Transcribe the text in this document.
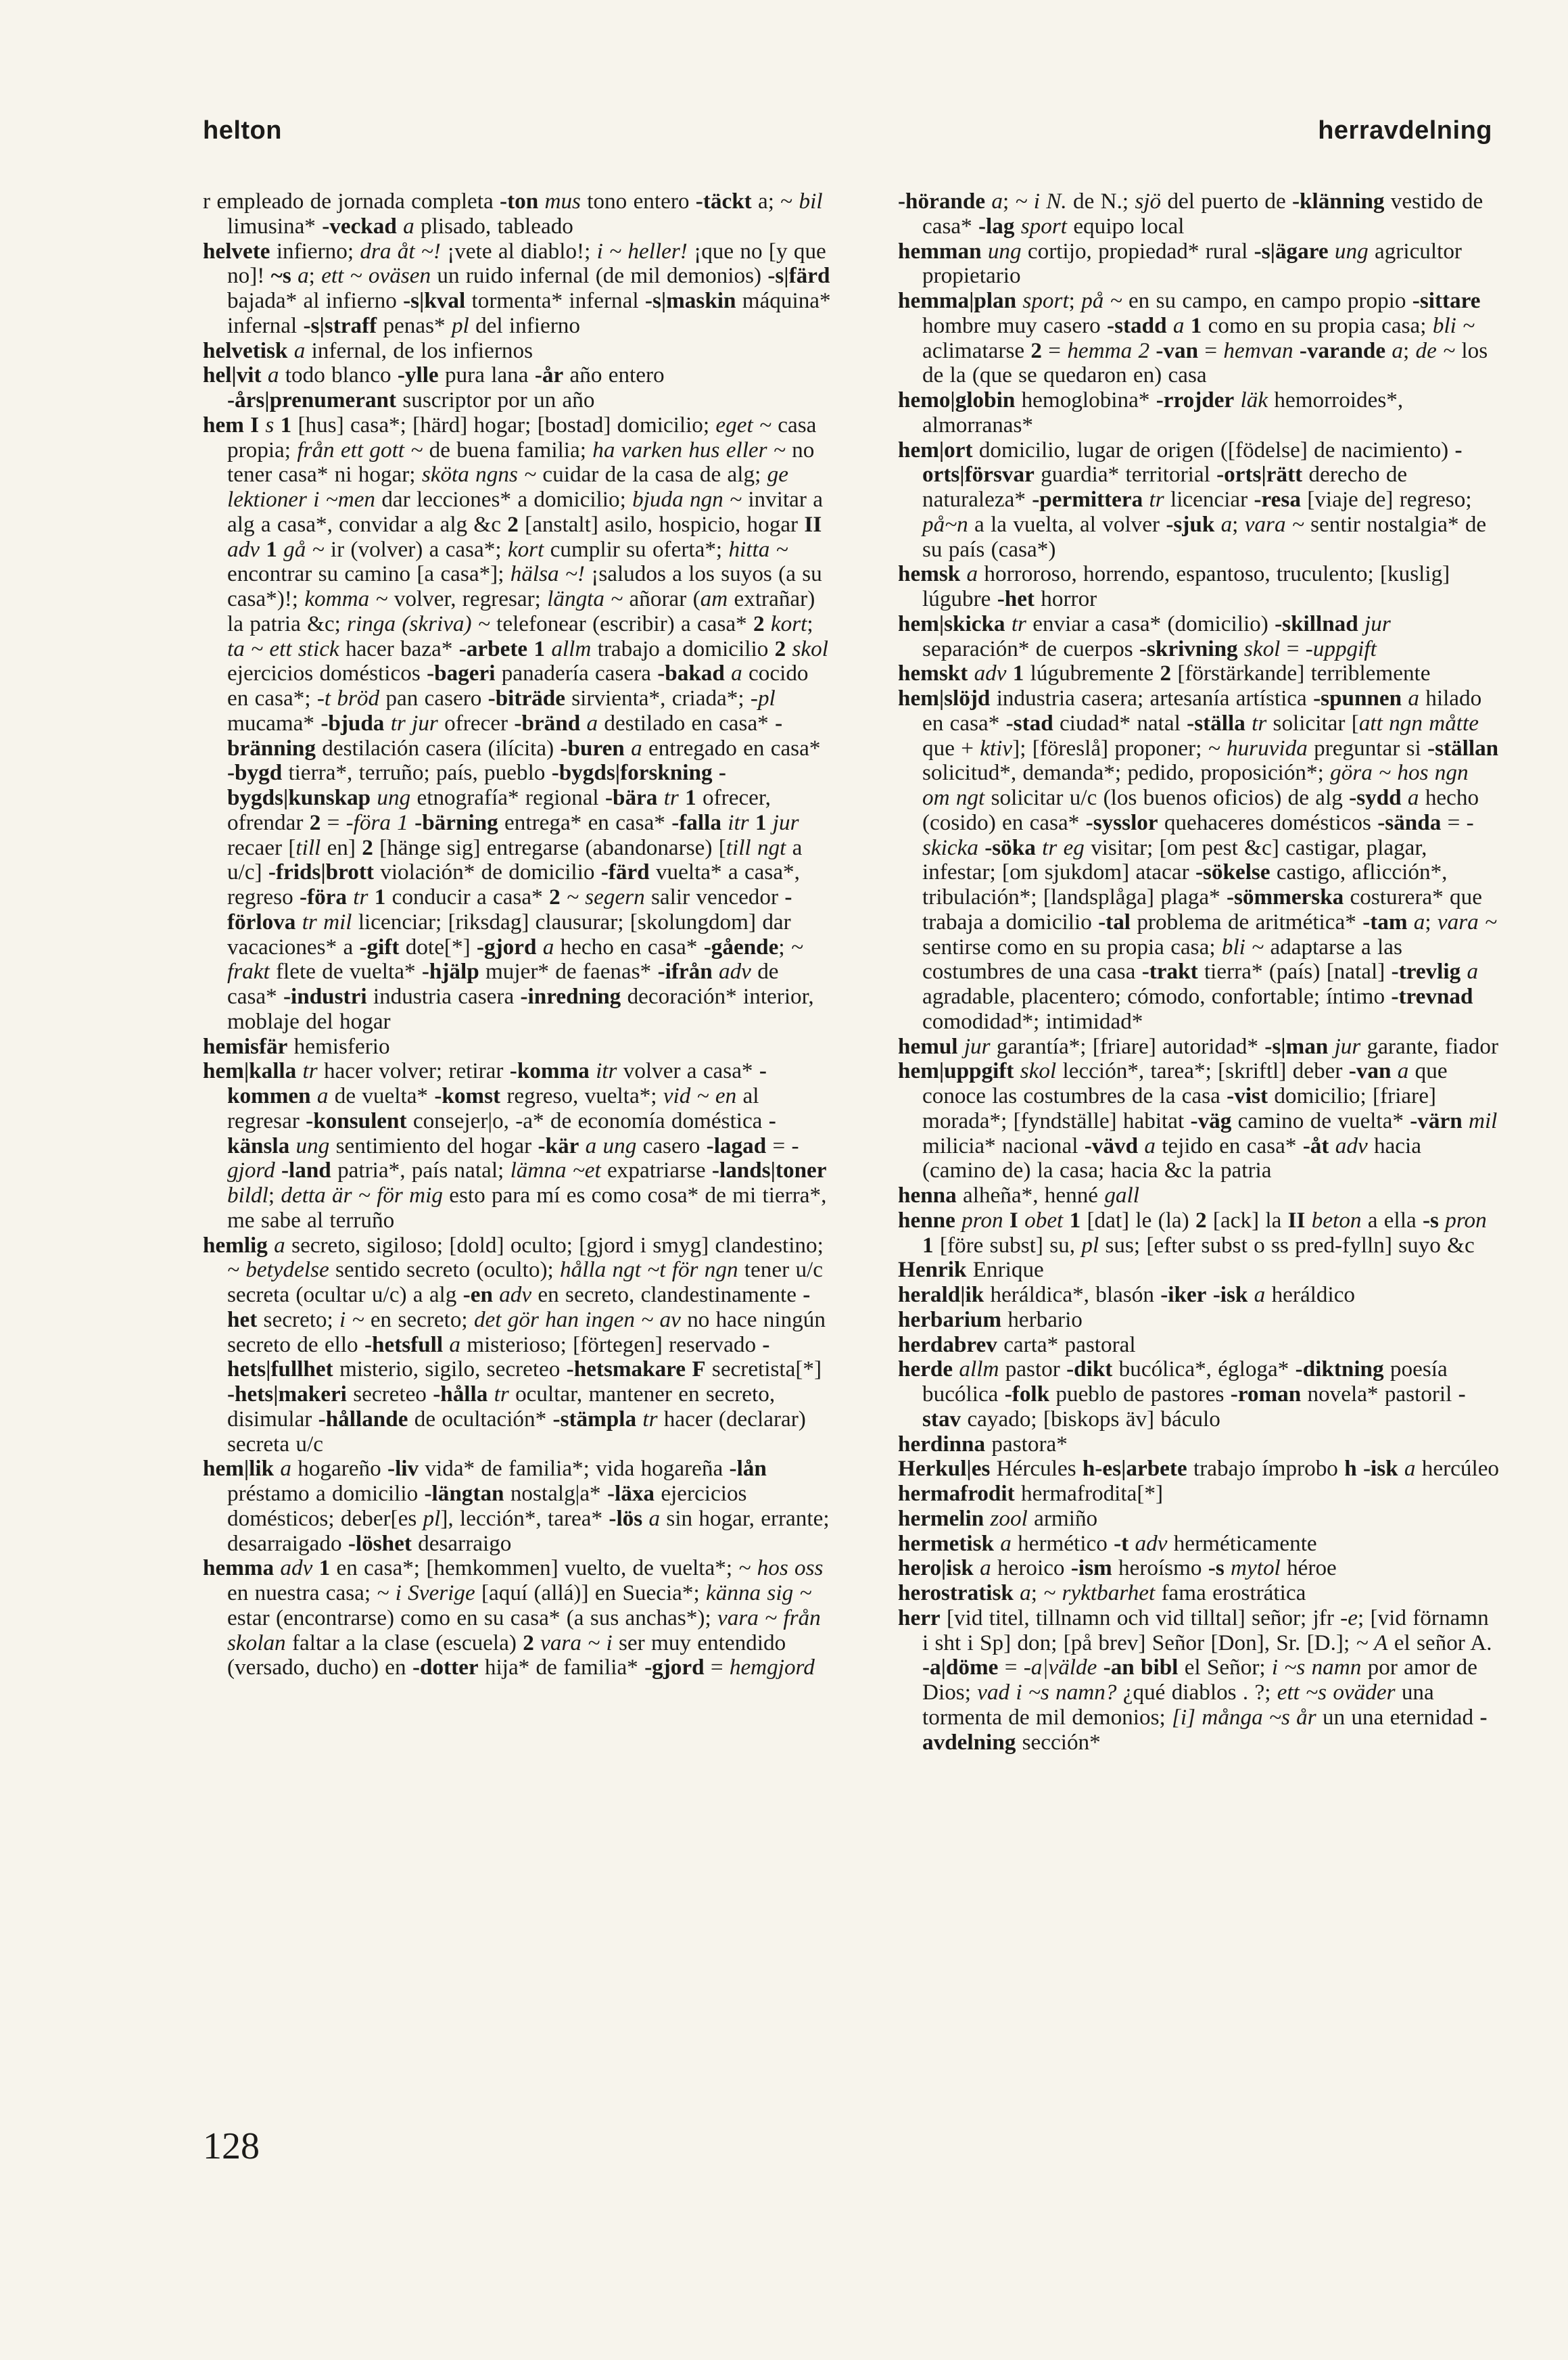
helton	herravdelning

r empleado de jornada completa -ton mus tono entero -täckt a; ~ bil limusina* -veckad a plisado, tableado

helvete infierno; dra åt ~! ¡vete al diablo!; i ~ heller! ¡que no [y que no]! ~s a; ett ~ oväsen un ruido infernal (de mil demonios) -s|färd bajada* al infierno -s|kval tormenta* infernal -s|maskin máquina* infernal -s|straff penas* pl del infierno

helvetisk a infernal, de los infiernos

hel|vit a todo blanco -ylle pura lana -år año entero -års|prenumerant suscriptor por un año

hem I s 1 [hus] casa*; [härd] hogar; [bostad] domicilio; eget ~ casa propia; från ett gott ~ de buena familia; ha varken hus eller ~ no tener casa* ni hogar; sköta ngns ~ cuidar de la casa de alg; ge lektioner i ~men dar lecciones* a domicilio; bjuda ngn ~ invitar a alg a casa*, convidar a alg &c 2 [anstalt] asilo, hospicio, hogar II adv 1 gå ~ ir (volver) a casa*; kort cumplir su oferta*; hitta ~ encontrar su camino [a casa*]; hälsa ~! ¡saludos a los suyos (a su casa*)!; komma ~ volver, regresar; längta ~ añorar (am extrañar) la patria &c; ringa (skriva) ~ telefonear (escribir) a casa* 2 kort; ta ~ ett stick hacer baza* -arbete 1 allm trabajo a domicilio 2 skol ejercicios domésticos -bageri panadería casera -bakad a cocido en casa*; -t bröd pan casero -biträde sirvienta*, criada*; -pl mucama* -bjuda tr jur ofrecer -bränd a destilado en casa* -bränning destilación casera (ilícita) -buren a entregado en casa* -bygd tierra*, terruño; país, pueblo -bygds|forskning -bygds|kunskap ung etnografía* regional -bära tr 1 ofrecer, ofrendar 2 = -föra 1 -bärning entrega* en casa* -falla itr 1 jur recaer [till en] 2 [hänge sig] entregarse (abandonarse) [till ngt a u/c] -frids|brott violación* de domicilio -färd vuelta* a casa*, regreso -föra tr 1 conducir a casa* 2 ~ segern salir vencedor -förlova tr mil licenciar; [riksdag] clausurar; [skolungdom] dar vacaciones* a -gift dote[*] -gjord a hecho en casa* -gående; ~ frakt flete de vuelta* -hjälp mujer* de faenas* -ifrån adv de casa* -industri industria casera -inredning decoración* interior, moblaje del hogar

hemisfär hemisferio

hem|kalla tr hacer volver; retirar -komma itr volver a casa* -kommen a de vuelta* -komst regreso, vuelta*; vid ~ en al regresar -konsulent consejer|o, -a* de economía doméstica -känsla ung sentimiento del hogar -kär a ung casero -lagad = -gjord -land patria*, país natal; lämna ~et expatriarse -lands|toner bildl; detta är ~ för mig esto para mí es como cosa* de mi tierra*, me sabe al terruño

hemlig a secreto, sigiloso; [dold] oculto; [gjord i smyg] clandestino; ~ betydelse sentido secreto (oculto); hålla ngt ~t för ngn tener u/c secreta (ocultar u/c) a alg -en adv en secreto, clandestinamente -het secreto; i ~ en secreto; det gör han ingen ~ av no hace ningún secreto de ello -hetsfull a misterioso; [förtegen] reservado -hets|fullhet misterio, sigilo, secreteo -hetsmakare F secretista[*] -hets|makeri secreteo -hålla tr ocultar, mantener en secreto, disimular -hållande de ocultación* -stämpla tr hacer (declarar) secreta u/c

hem|lik a hogareño -liv vida* de familia*; vida hogareña -lån préstamo a domicilio -längtan nostalg|a* -läxa ejercicios domésticos; deber[es pl], lección*, tarea* -lös a sin hogar, errante; desarraigado -löshet desarraigo

hemma adv 1 en casa*; [hemkommen] vuelto, de vuelta*; ~ hos oss en nuestra casa; ~ i Sverige [aquí (allá)] en Suecia*; känna sig ~ estar (encontrarse) como en su casa* (a sus anchas*); vara ~ från skolan faltar a la clase (escuela) 2 vara ~ i ser muy entendido (versado, ducho) en -dotter hija* de familia* -gjord = hemgjord

-hörande a; ~ i N. de N.; sjö del puerto de -klänning vestido de casa* -lag sport equipo local

hemman ung cortijo, propiedad* rural -s|ägare ung agricultor propietario

hemma|plan sport; på ~ en su campo, en campo propio -sittare hombre muy casero -stadd a 1 como en su propia casa; bli ~ aclimatarse 2 = hemma 2 -van = hemvan -varande a; de ~ los de la (que se quedaron en) casa

hemo|globin hemoglobina* -rrojder läk hemorroides*, almorranas*

hem|ort domicilio, lugar de origen ([födelse] de nacimiento) -orts|försvar guardia* territorial -orts|rätt derecho de naturaleza* -permittera tr licenciar -resa [viaje de] regreso; på~n a la vuelta, al volver -sjuk a; vara ~ sentir nostalgia* de su país (casa*)

hemsk a horroroso, horrendo, espantoso, truculento; [kuslig] lúgubre -het horror

hem|skicka tr enviar a casa* (domicilio) -skillnad jur separación* de cuerpos -skrivning skol = -uppgift

hemskt adv 1 lúgubremente 2 [förstärkande] terriblemente

hem|slöjd industria casera; artesanía artística -spunnen a hilado en casa* -stad ciudad* natal -ställa tr solicitar [att ngn måtte que + ktiv]; [föreslå] proponer; ~ huruvida preguntar si -ställan solicitud*, demanda*; pedido, proposición*; göra ~ hos ngn om ngt solicitar u/c (los buenos oficios) de alg -sydd a hecho (cosido) en casa* -sysslor quehaceres domésticos -sända = -skicka -söka tr eg visitar; [om pest &c] castigar, plagar, infestar; [om sjukdom] atacar -sökelse castigo, aflicción*, tribulación*; [landsplåga] plaga* -sömmerska costurera* que trabaja a domicilio -tal problema de aritmética* -tam a; vara ~ sentirse como en su propia casa; bli ~ adaptarse a las costumbres de una casa -trakt tierra* (país) [natal] -trevlig a agradable, placentero; cómodo, confortable; íntimo -trevnad comodidad*; intimidad*

hemul jur garantía*; [friare] autoridad* -s|man jur garante, fiador

hem|uppgift skol lección*, tarea*; [skriftl] deber -van a que conoce las costumbres de la casa -vist domicilio; [friare] morada*; [fyndställe] habitat -väg camino de vuelta* -värn mil milicia* nacional -vävd a tejido en casa* -åt adv hacia (camino de) la casa; hacia &c la patria

henna alheña*, henné gall

henne pron I obet 1 [dat] le (la) 2 [ack] la II beton a ella -s pron 1 [före subst] su, pl sus; [efter subst o ss pred-fylln] suyo &c

Henrik Enrique

herald|ik heráldica*, blasón -iker -isk a heráldico

herbarium herbario

herdabrev carta* pastoral

herde allm pastor -dikt bucólica*, égloga* -diktning poesía bucólica -folk pueblo de pastores -roman novela* pastoril -stav cayado; [biskops äv] báculo

herdinna pastora*

Herkul|es Hércules h-es|arbete trabajo ímprobo h -isk a hercúleo

hermafrodit hermafrodita[*]

hermelin zool armiño

hermetisk a hermético -t adv herméticamente

hero|isk a heroico -ism heroísmo -s mytol héroe

herostratisk a; ~ ryktbarhet fama erostrática

herr [vid titel, tillnamn och vid tilltal] señor; jfr -e; [vid förnamn i sht i Sp] don; [på brev] Señor [Don], Sr. [D.]; ~ A el señor A. -a|döme = -a|välde -an bibl el Señor; i ~s namn por amor de Dios; vad i ~s namn? ¿qué diablos . ?; ett ~s oväder una tormenta de mil demonios; [i] många ~s år un una eternidad -avdelning sección*

128
